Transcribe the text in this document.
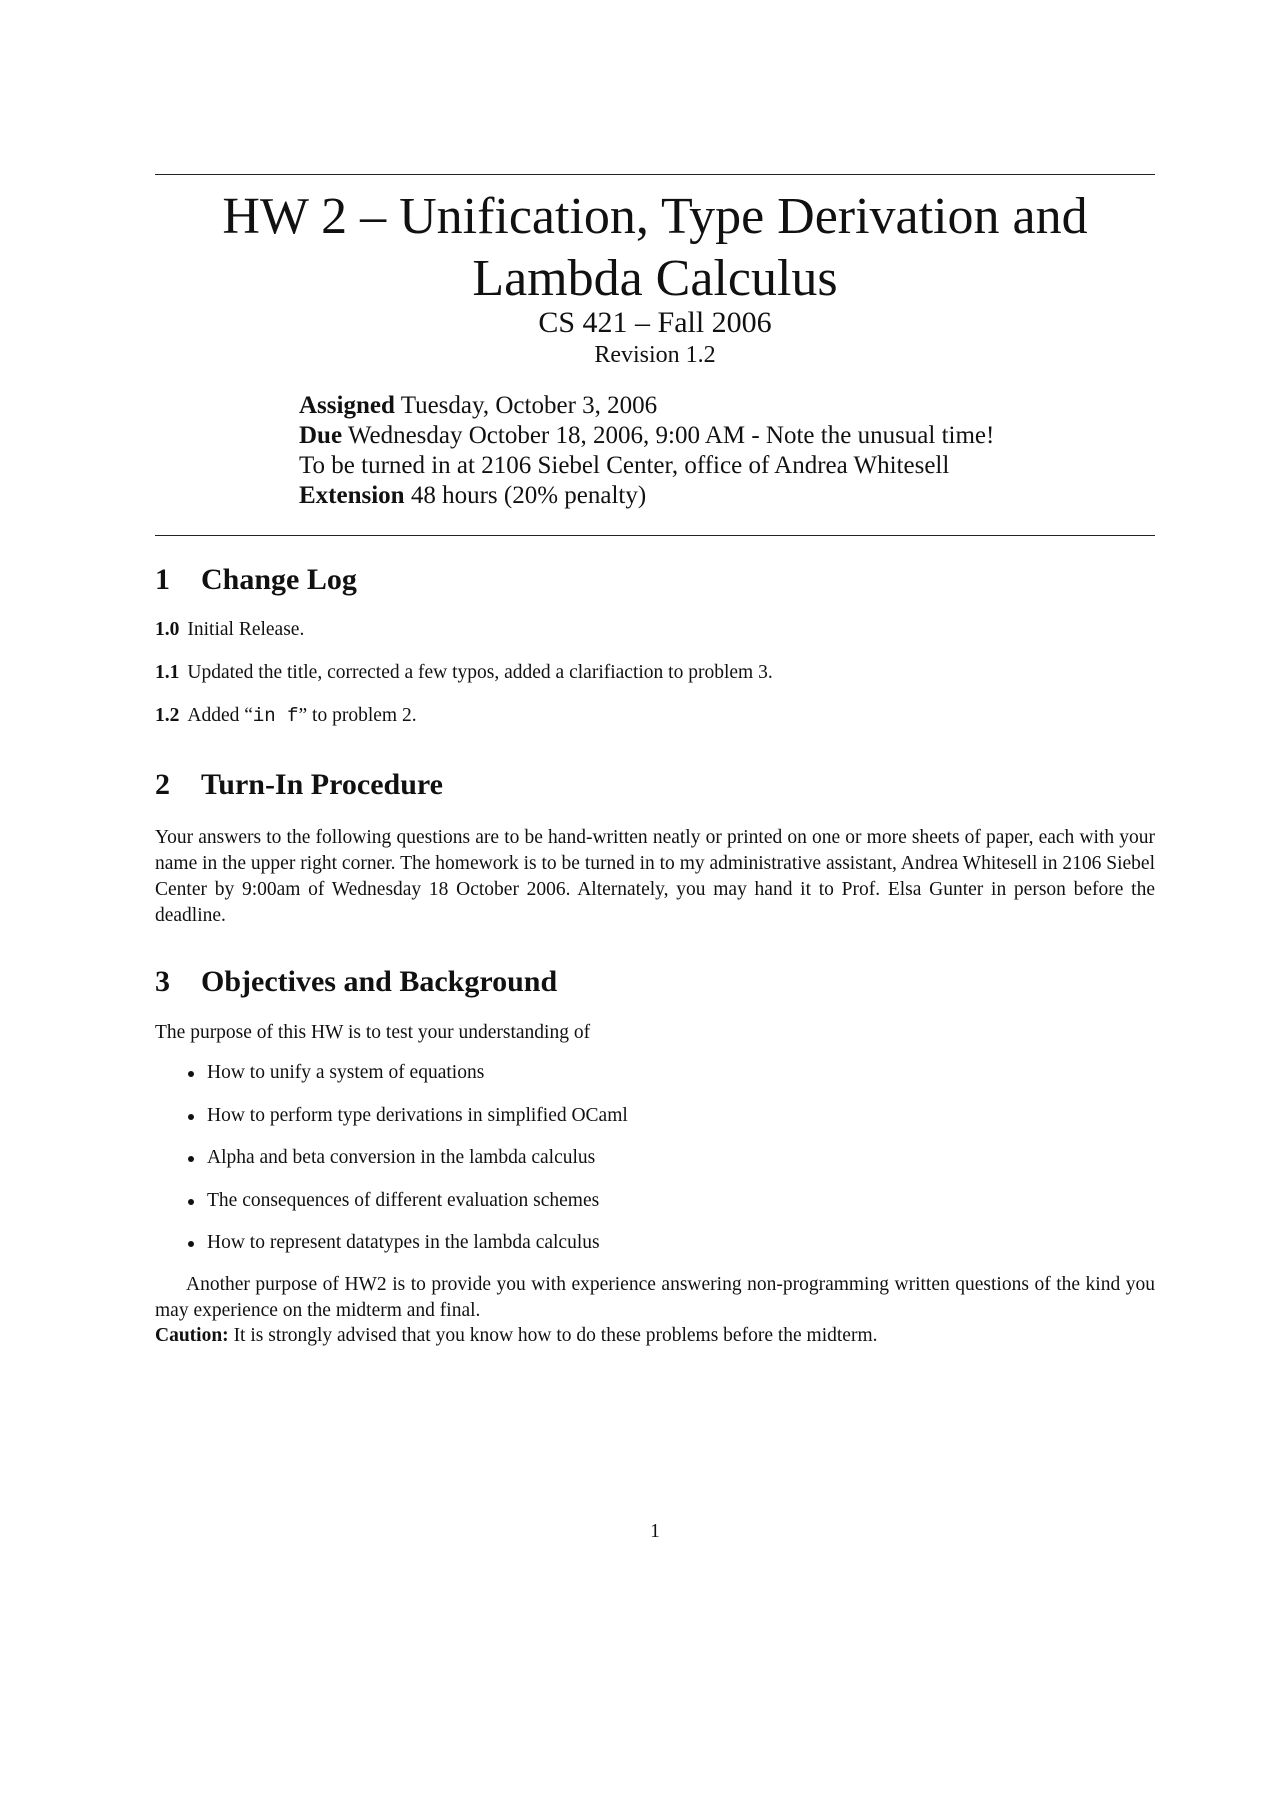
HW 2 – Unification, Type Derivation and
Lambda Calculus
CS 421 – Fall 2006
Revision 1.2
Assigned Tuesday, October 3, 2006
Due Wednesday October 18, 2006, 9:00 AM - Note the unusual time!
To be turned in at 2106 Siebel Center, office of Andrea Whitesell
Extension 48 hours (20% penalty)
1 Change Log
1.0 Initial Release.
1.1 Updated the title, corrected a few typos, added a clarifiaction to problem 3.
1.2 Added “in f” to problem 2.
2 Turn-In Procedure

Your answers to the following questions are to be hand-written neatly or printed on one or more sheets of paper, each with your name in the upper right corner. The homework is to be turned in to my administrative assistant, Andrea Whitesell in 2106 Siebel Center by 9:00am of Wednesday 18 October 2006. Alternately, you may hand it to Prof. Elsa Gunter in person before the deadline.

3 Objectives and Background

The purpose of this HW is to test your understanding of

How to unify a system of equations
How to perform type derivations in simplified OCaml
Alpha and beta conversion in the lambda calculus
The consequences of different evaluation schemes
How to represent datatypes in the lambda calculus

Another purpose of HW2 is to provide you with experience answering non-programming written questions of the kind you may experience on the midterm and final.

Caution: It is strongly advised that you know how to do these problems before the midterm.

1
